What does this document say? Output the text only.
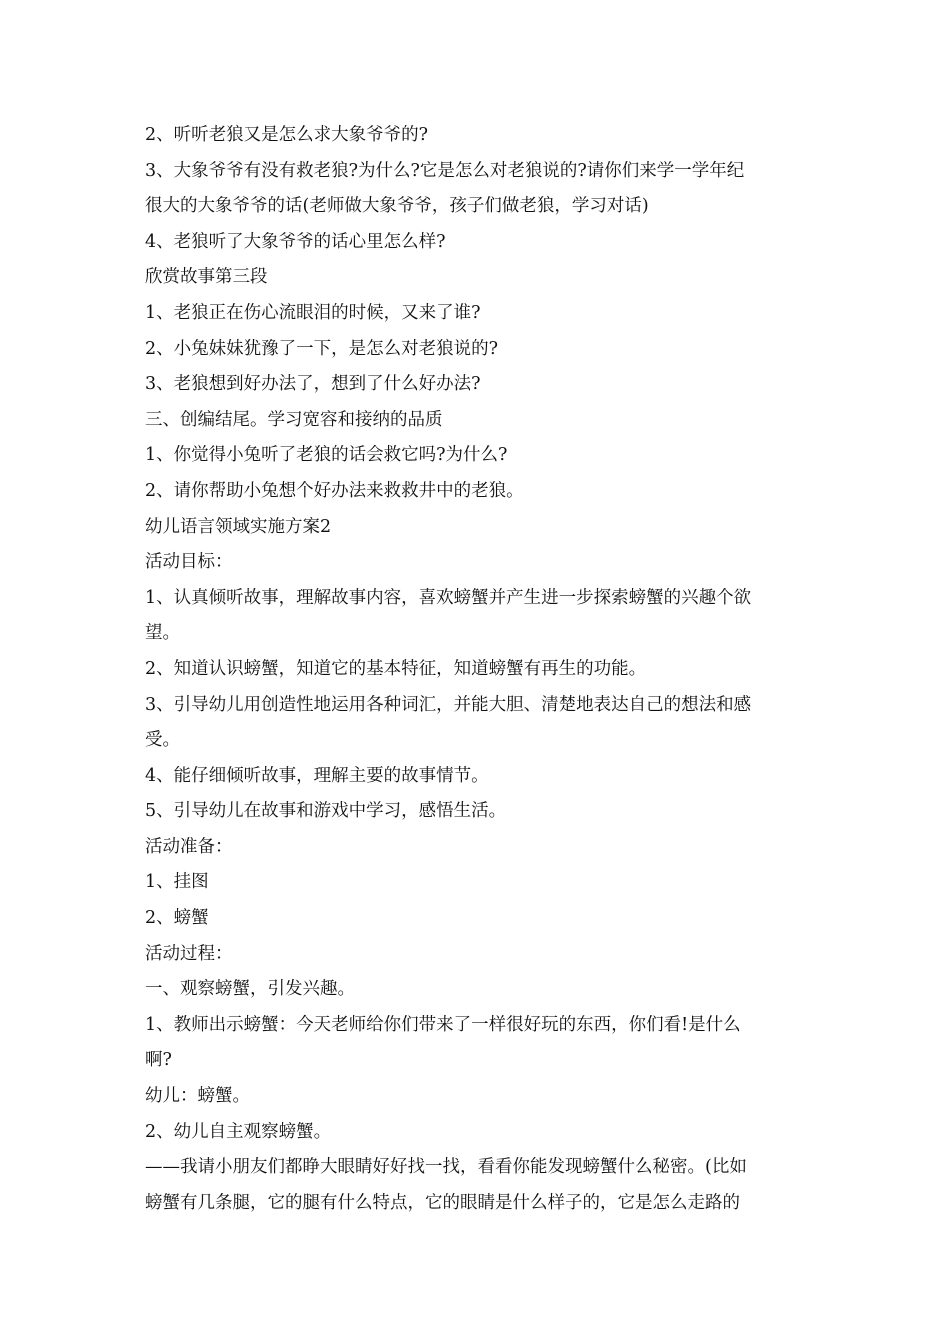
2、听听老狼又是怎么求大象爷爷的?

3、大象爷爷有没有救老狼?为什么?它是怎么对老狼说的?请你们来学一学年纪

很大的大象爷爷的话(老师做大象爷爷，孩子们做老狼，学习对话)

4、老狼听了大象爷爷的话心里怎么样?

欣赏故事第三段

1、老狼正在伤心流眼泪的时候，又来了谁?

2、小兔妹妹犹豫了一下，是怎么对老狼说的?

3、老狼想到好办法了，想到了什么好办法?

三、创编结尾。学习宽容和接纳的品质

1、你觉得小兔听了老狼的话会救它吗?为什么?

2、请你帮助小兔想个好办法来救救井中的老狼。

幼儿语言领域实施方案2

活动目标：

1、认真倾听故事，理解故事内容，喜欢螃蟹并产生进一步探索螃蟹的兴趣个欲

望。

2、知道认识螃蟹，知道它的基本特征，知道螃蟹有再生的功能。

3、引导幼儿用创造性地运用各种词汇，并能大胆、清楚地表达自己的想法和感

受。

4、能仔细倾听故事，理解主要的故事情节。

5、引导幼儿在故事和游戏中学习，感悟生活。

活动准备：

1、挂图

2、螃蟹

活动过程：

一、观察螃蟹，引发兴趣。

1、教师出示螃蟹：今天老师给你们带来了一样很好玩的东西，你们看!是什么

啊?

幼儿：螃蟹。

2、幼儿自主观察螃蟹。

——我请小朋友们都睁大眼睛好好找一找，看看你能发现螃蟹什么秘密。(比如

螃蟹有几条腿，它的腿有什么特点，它的眼睛是什么样子的，它是怎么走路的
